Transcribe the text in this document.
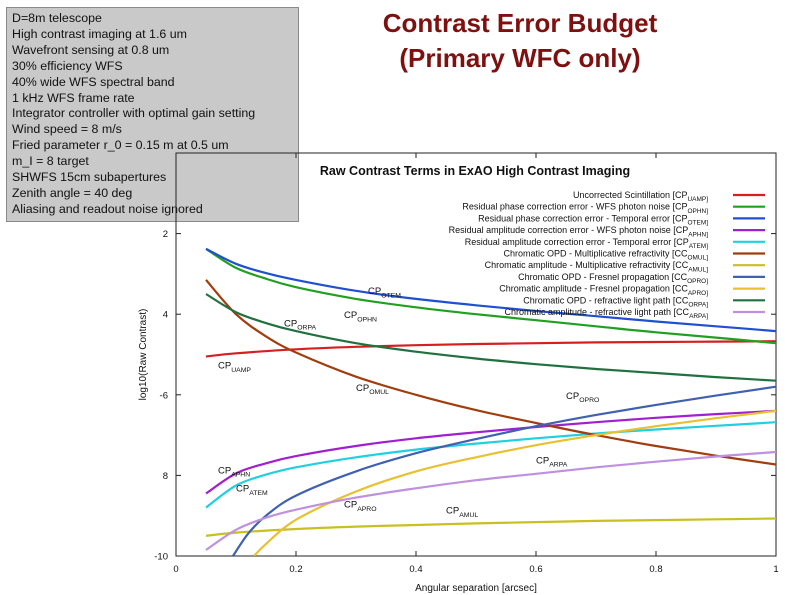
D=8m telescope
High contrast imaging at 1.6 um
Wavefront sensing at 0.8 um
30% efficiency WFS
40% wide WFS spectral band
1 kHz WFS frame rate
Integrator controller with optimal gain setting
Wind speed = 8 m/s
Fried parameter r_0 = 0.15 m at 0.5 um
m_I = 8 target
SHWFS 15cm subapertures
Zenith angle = 40 deg
Aliasing and readout noise ignored
Contrast Error Budget
(Primary WFC only)
Raw Contrast Terms in ExAO High Contrast Imaging
0	0.2	0.4	0.6	0.8	1
2
4
-6
8
-10
Angular separation [arcsec]
log10(Raw Contrast)
Uncorrected Scintillation [$CP_{UAMP]}$
Residual phase correction error - WFS photon noise [$CP_{OPHN]}$
Residual phase correction error - Temporal error [$CP_{OTEM]}$
Residual amplitude correction error - WFS photon noise [$CP_{APHN]}$
Residual amplitude correction error - Temporal error [$CP_{ATEM]}$
Chromatic OPD - Multiplicative refractivity [$CC_{OMUL]}$
Chromatic amplitude - Multiplicative refractivity [$CC_{AMUL]}$
Chromatic OPD - Fresnel propagation [$CC_{OPRO]}$
Chromatic amplitude - Fresnel propagation [$CC_{APRO]}$
Chromatic OPD - refractive light path [$CC_{ORPA]}$
Chromatic amplitude - refractive light path [$CC_{ARPA]}$
$CP_{OTEM}$
$CP_{OPHN}$
$CP_{ORPA}$
$CP_{UAMP}$
$CP_{OMUL}$	$CP_{OPRO}$
$CP_{ARPA}$
$CP_{APHN}$
$CP_{ATEM}$
$CP_{APRO}$	$CP_{AMUL}$
